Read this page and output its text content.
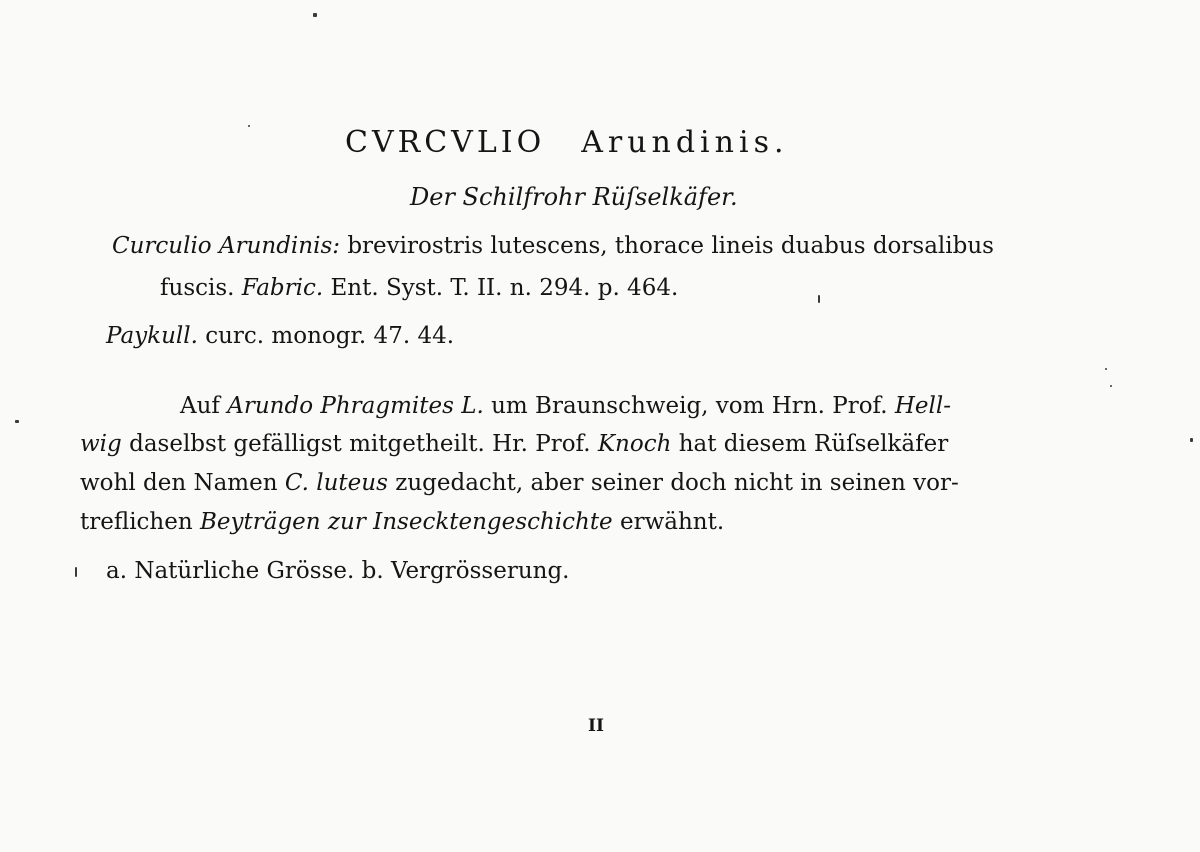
CVRCVLIO Arundinis.
Der Schilfrohr Rüſselkäfer.
Curculio Arundinis: brevirostris lutescens, thorace lineis duabus dorsalibus
fuscis. Fabric. Ent. Syst. T. II. n. 294. p. 464.
Paykull. curc. monogr. 47. 44.
Auf Arundo Phragmites L. um Braunschweig, vom Hrn. Prof. Hell-
wig daselbst gefälligst mitgetheilt. Hr. Prof. Knoch hat diesem Rüſselkäfer
wohl den Namen C. luteus zugedacht, aber seiner doch nicht in seinen vor-
treflichen Beyträgen zur Insecktengeschichte erwähnt.
a. Natürliche Grösse. b. Vergrösserung.
II
